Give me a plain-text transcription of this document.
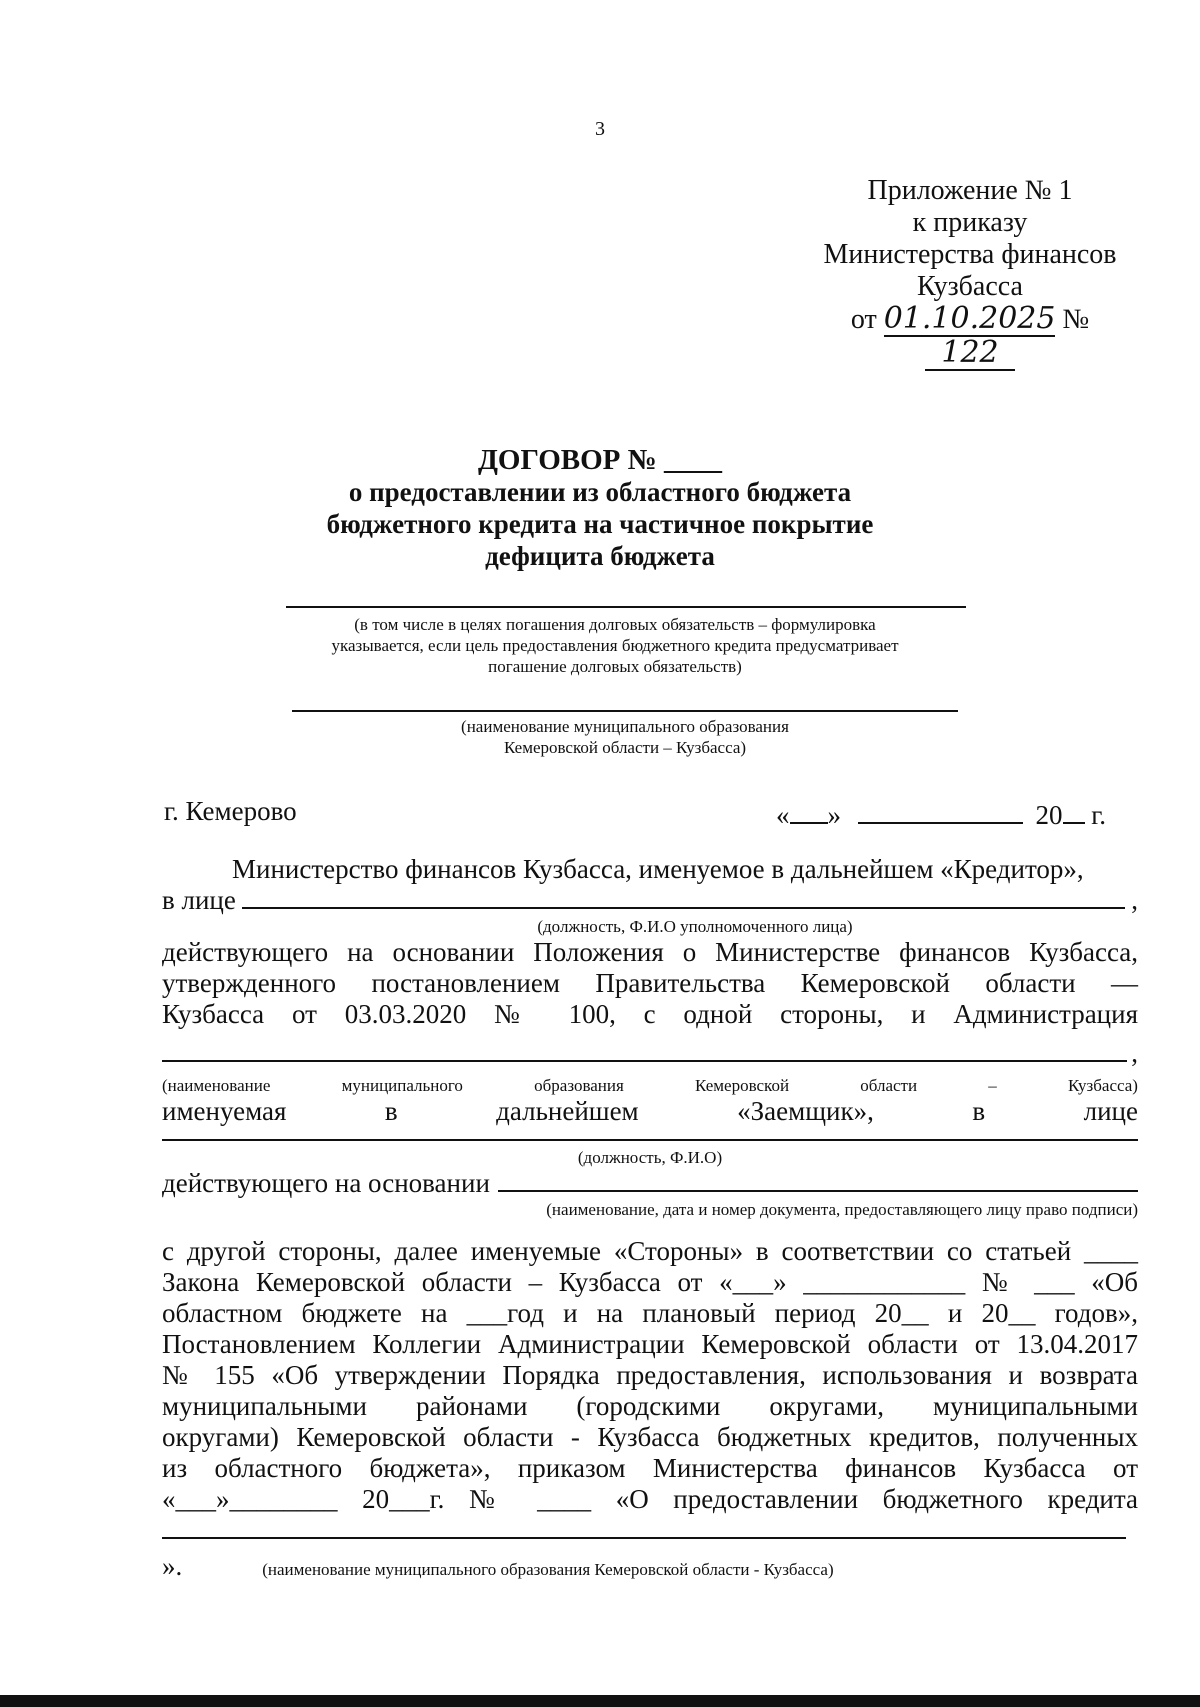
3
Приложение № 1
к приказу
Министерства финансов
Кузбасса
от 01.10.2025 № 122
ДОГОВОР № ____
о предоставлении из областного бюджета
бюджетного кредита на частичное покрытие
дефицита бюджета
(в том числе в целях погашения долговых обязательств – формулировка
указывается, если цель предоставления бюджетного кредита предусматривает
погашение долговых обязательств)
(наименование муниципального образования
Кемеровской области – Кузбасса)
г. Кемерово	« »	20 г.
Министерство финансов Кузбасса, именуемое в дальнейшем «Кредитор»,
в лице	,
(должность, Ф.И.О уполномоченного лица)
действующего на основании Положения о Министерстве финансов Кузбасса,
утвержденного постановлением Правительства Кемеровской области —
Кузбасса от 03.03.2020 № 100, с одной стороны, и Администрация
,
(наименование	муниципального	образования	Кемеровской	области	–	Кузбасса)
именуемая	в	дальнейшем	«Заемщик»,	в	лице
(должность, Ф.И.О)
действующего на основании
(наименование, дата и номер документа, предоставляющего лицу право подписи)
с другой стороны, далее именуемые «Стороны» в соответствии со статьей ____
Закона Кемеровской области – Кузбасса от «___» ____________ № ___ «Об
областном бюджете на ___год и на плановый период 20__ и 20__ годов»,
Постановлением Коллегии Администрации Кемеровской области от 13.04.2017
№ 155 «Об утверждении Порядка предоставления, использования и возврата
муниципальными районами (городскими округами, муниципальными
округами) Кемеровской области - Кузбасса бюджетных кредитов, полученных
из областного бюджета», приказом Министерства финансов Кузбасса от
«___»________ 20___г. № ____ «О предоставлении бюджетного кредита
».	(наименование муниципального образования Кемеровской области - Кузбасса)
